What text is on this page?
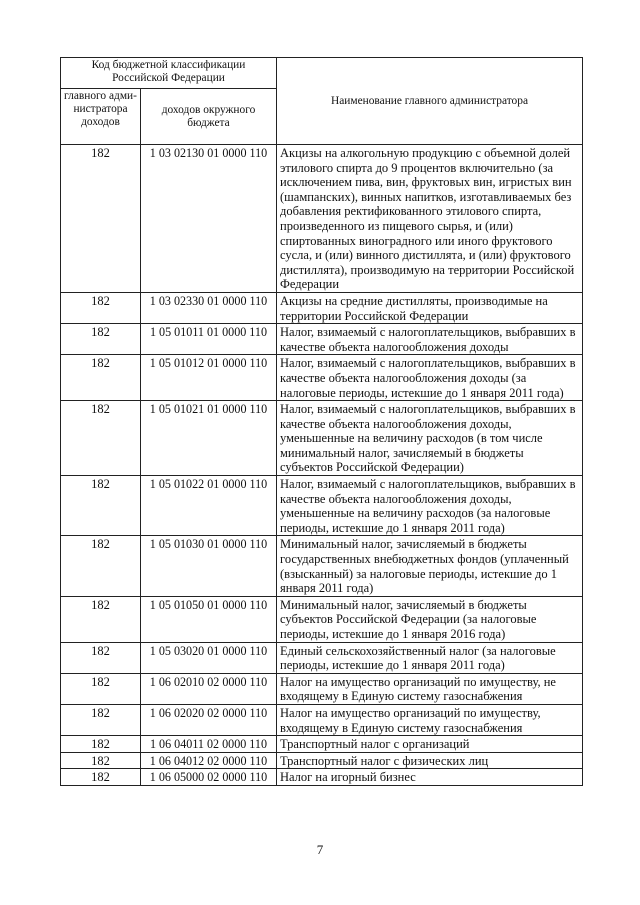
Код бюджетной классификации Российской Федерации		Наименование главного администратора
главного адми-нистратора доходов	доходов окружного бюджета	
182	1 03 02130 01 0000 110	Акцизы на алкогольную продукцию с объемной долей этилового спирта до 9 процентов включительно (за исключением пива, вин, фруктовых вин, игристых вин (шампанских), винных напитков, изготавливаемых без добавления ректификованного этилового спирта, произведенного из пищевого сырья, и (или) спиртованных виноградного или иного фруктового сусла, и (или) винного дистиллята, и (или) фруктового дистиллята), производимую на территории Российской Федерации
182	1 03 02330 01 0000 110	Акцизы на средние дистилляты, производимые на территории Российской Федерации
182	1 05 01011 01 0000 110	Налог, взимаемый с налогоплательщиков, выбравших в качестве объекта налогообложения доходы
182	1 05 01012 01 0000 110	Налог, взимаемый с налогоплательщиков, выбравших в качестве объекта налогообложения доходы (за налоговые периоды, истекшие до 1 января 2011 года)
182	1 05 01021 01 0000 110	Налог, взимаемый с налогоплательщиков, выбравших в качестве объекта налогообложения доходы, уменьшенные на величину расходов (в том числе минимальный налог, зачисляемый в бюджеты субъектов Российской Федерации)
182	1 05 01022 01 0000 110	Налог, взимаемый с налогоплательщиков, выбравших в качестве объекта налогообложения доходы, уменьшенные на величину расходов (за налоговые периоды, истекшие до 1 января 2011 года)
182	1 05 01030 01 0000 110	Минимальный налог, зачисляемый в бюджеты государственных внебюджетных фондов (уплаченный (взысканный) за налоговые периоды, истекшие до 1 января 2011 года)
182	1 05 01050 01 0000 110	Минимальный налог, зачисляемый в бюджеты субъектов Российской Федерации (за налоговые периоды, истекшие до 1 января 2016 года)
182	1 05 03020 01 0000 110	Единый сельскохозяйственный налог (за налоговые периоды, истекшие до 1 января 2011 года)
182	1 06 02010 02 0000 110	Налог на имущество организаций по имуществу, не входящему в Единую систему газоснабжения
182	1 06 02020 02 0000 110	Налог на имущество организаций по имуществу, входящему в Единую систему газоснабжения
182	1 06 04011 02 0000 110	Транспортный налог с организаций
182	1 06 04012 02 0000 110	Транспортный налог с физических лиц
182	1 06 05000 02 0000 110	Налог на игорный бизнес
7
